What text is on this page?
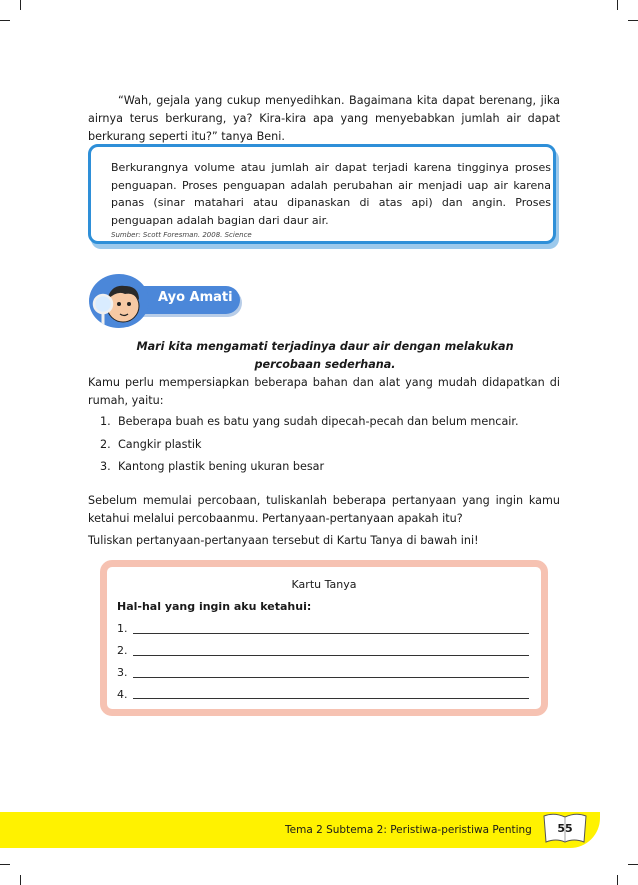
“Wah, gejala yang cukup menyedihkan. Bagaimana kita dapat berenang, jika airnya terus berkurang, ya? Kira-kira apa yang menyebabkan jumlah air dapat berkurang seperti itu?” tanya Beni.

Berkurangnya volume atau jumlah air dapat terjadi karena tingginya proses penguapan. Proses penguapan adalah perubahan air menjadi uap air karena panas (sinar matahari atau dipanaskan di atas api) dan angin. Proses penguapan adalah bagian dari daur air.

Sumber: Scott Foresman. 2008. Science
Ayo Amati

Mari kita mengamati terjadinya daur air dengan melakukan percobaan sederhana.

Kamu perlu mempersiapkan beberapa bahan dan alat yang mudah didapatkan di rumah, yaitu:

1. Beberapa buah es batu yang sudah dipecah-pecah dan belum mencair.
2. Cangkir plastik
3. Kantong plastik bening ukuran besar

Sebelum memulai percobaan, tuliskanlah beberapa pertanyaan yang ingin kamu ketahui melalui percobaanmu. Pertanyaan-pertanyaan apakah itu?

Tuliskan pertanyaan-pertanyaan tersebut di Kartu Tanya di bawah ini!

Kartu Tanya
Hal-hal yang ingin aku ketahui:
1.
2.
3.
4.
Tema 2 Subtema 2: Peristiwa-peristiwa Penting	55
